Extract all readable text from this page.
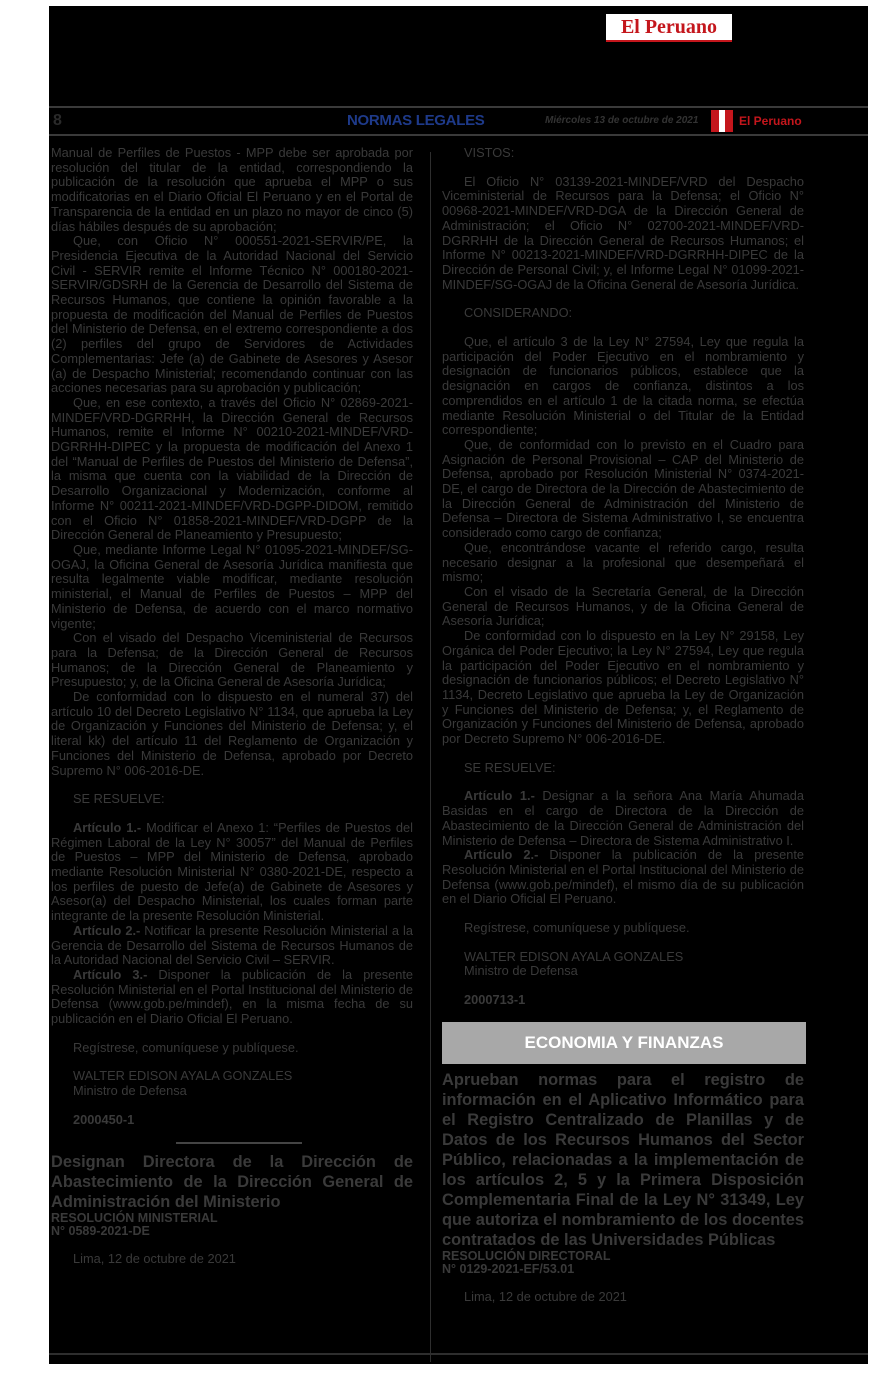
El Peruano
8	NORMAS LEGALES	Miércoles 13 de octubre de 2021	El Peruano

Manual de Perfiles de Puestos - MPP debe ser aprobada por resolución del titular de la entidad, correspondiendo la publicación de la resolución que aprueba el MPP o sus modificatorias en el Diario Oficial El Peruano y en el Portal de Transparencia de la entidad en un plazo no mayor de cinco (5) días hábiles después de su aprobación;

Que, con Oficio N° 000551-2021-SERVIR/PE, la Presidencia Ejecutiva de la Autoridad Nacional del Servicio Civil - SERVIR remite el Informe Técnico N° 000180-2021-SERVIR/GDSRH de la Gerencia de Desarrollo del Sistema de Recursos Humanos, que contiene la opinión favorable a la propuesta de modificación del Manual de Perfiles de Puestos del Ministerio de Defensa, en el extremo correspondiente a dos (2) perfiles del grupo de Servidores de Actividades Complementarias: Jefe (a) de Gabinete de Asesores y Asesor (a) de Despacho Ministerial; recomendando continuar con las acciones necesarias para su aprobación y publicación;

Que, en ese contexto, a través del Oficio N° 02869-2021-MINDEF/VRD-DGRRHH, la Dirección General de Recursos Humanos, remite el Informe N° 00210-2021-MINDEF/VRD-DGRRHH-DIPEC y la propuesta de modificación del Anexo 1 del “Manual de Perfiles de Puestos del Ministerio de Defensa”, la misma que cuenta con la viabilidad de la Dirección de Desarrollo Organizacional y Modernización, conforme al Informe N° 00211-2021-MINDEF/VRD-DGPP-DIDOM, remitido con el Oficio N° 01858-2021-MINDEF/VRD-DGPP de la Dirección General de Planeamiento y Presupuesto;

Que, mediante Informe Legal N° 01095-2021-MINDEF/SG-OGAJ, la Oficina General de Asesoría Jurídica manifiesta que resulta legalmente viable modificar, mediante resolución ministerial, el Manual de Perfiles de Puestos – MPP del Ministerio de Defensa, de acuerdo con el marco normativo vigente;

Con el visado del Despacho Viceministerial de Recursos para la Defensa; de la Dirección General de Recursos Humanos; de la Dirección General de Planeamiento y Presupuesto; y, de la Oficina General de Asesoría Jurídica;

De conformidad con lo dispuesto en el numeral 37) del artículo 10 del Decreto Legislativo N° 1134, que aprueba la Ley de Organización y Funciones del Ministerio de Defensa; y, el literal kk) del artículo 11 del Reglamento de Organización y Funciones del Ministerio de Defensa, aprobado por Decreto Supremo N° 006-2016-DE.

SE RESUELVE:

Artículo 1.- Modificar el Anexo 1: “Perfiles de Puestos del Régimen Laboral de la Ley N° 30057” del Manual de Perfiles de Puestos – MPP del Ministerio de Defensa, aprobado mediante Resolución Ministerial N° 0380-2021-DE, respecto a los perfiles de puesto de Jefe(a) de Gabinete de Asesores y Asesor(a) del Despacho Ministerial, los cuales forman parte integrante de la presente Resolución Ministerial.

Artículo 2.- Notificar la presente Resolución Ministerial a la Gerencia de Desarrollo del Sistema de Recursos Humanos de la Autoridad Nacional del Servicio Civil – SERVIR.

Artículo 3.- Disponer la publicación de la presente Resolución Ministerial en el Portal Institucional del Ministerio de Defensa (www.gob.pe/mindef), en la misma fecha de su publicación en el Diario Oficial El Peruano.

Regístrese, comuníquese y publíquese.

WALTER EDISON AYALA GONZALES

Ministro de Defensa

2000450-1

Designan Directora de la Dirección de Abastecimiento de la Dirección General de Administración del Ministerio

RESOLUCIÓN MINISTERIAL

N° 0589-2021-DE

Lima, 12 de octubre de 2021

VISTOS:

El Oficio N° 03139-2021-MINDEF/VRD del Despacho Viceministerial de Recursos para la Defensa; el Oficio N° 00968-2021-MINDEF/VRD-DGA de la Dirección General de Administración; el Oficio N° 02700-2021-MINDEF/VRD-DGRRHH de la Dirección General de Recursos Humanos; el Informe N° 00213-2021-MINDEF/VRD-DGRRHH-DIPEC de la Dirección de Personal Civil; y, el Informe Legal N° 01099-2021-MINDEF/SG-OGAJ de la Oficina General de Asesoría Jurídica.

CONSIDERANDO:

Que, el artículo 3 de la Ley N° 27594, Ley que regula la participación del Poder Ejecutivo en el nombramiento y designación de funcionarios públicos, establece que la designación en cargos de confianza, distintos a los comprendidos en el artículo 1 de la citada norma, se efectúa mediante Resolución Ministerial o del Titular de la Entidad correspondiente;

Que, de conformidad con lo previsto en el Cuadro para Asignación de Personal Provisional – CAP del Ministerio de Defensa, aprobado por Resolución Ministerial N° 0374-2021-DE, el cargo de Directora de la Dirección de Abastecimiento de la Dirección General de Administración del Ministerio de Defensa – Directora de Sistema Administrativo I, se encuentra considerado como cargo de confianza;

Que, encontrándose vacante el referido cargo, resulta necesario designar a la profesional que desempeñará el mismo;

Con el visado de la Secretaría General, de la Dirección General de Recursos Humanos, y de la Oficina General de Asesoría Jurídica;

De conformidad con lo dispuesto en la Ley N° 29158, Ley Orgánica del Poder Ejecutivo; la Ley N° 27594, Ley que regula la participación del Poder Ejecutivo en el nombramiento y designación de funcionarios públicos; el Decreto Legislativo N° 1134, Decreto Legislativo que aprueba la Ley de Organización y Funciones del Ministerio de Defensa; y, el Reglamento de Organización y Funciones del Ministerio de Defensa, aprobado por Decreto Supremo N° 006-2016-DE.

SE RESUELVE:

Artículo 1.- Designar a la señora Ana María Ahumada Basidas en el cargo de Directora de la Dirección de Abastecimiento de la Dirección General de Administración del Ministerio de Defensa – Directora de Sistema Administrativo I.

Artículo 2.- Disponer la publicación de la presente Resolución Ministerial en el Portal Institucional del Ministerio de Defensa (www.gob.pe/mindef), el mismo día de su publicación en el Diario Oficial El Peruano.

Regístrese, comuníquese y publíquese.

WALTER EDISON AYALA GONZALES

Ministro de Defensa

2000713-1

ECONOMIA Y FINANZAS
Aprueban normas para el registro de información en el Aplicativo Informático para el Registro Centralizado de Planillas y de Datos de los Recursos Humanos del Sector Público, relacionadas a la implementación de los artículos 2, 5 y la Primera Disposición Complementaria Final de la Ley N° 31349, Ley que autoriza el nombramiento de los docentes contratados de las Universidades Públicas

RESOLUCIÓN DIRECTORAL

N° 0129-2021-EF/53.01

Lima, 12 de octubre de 2021
